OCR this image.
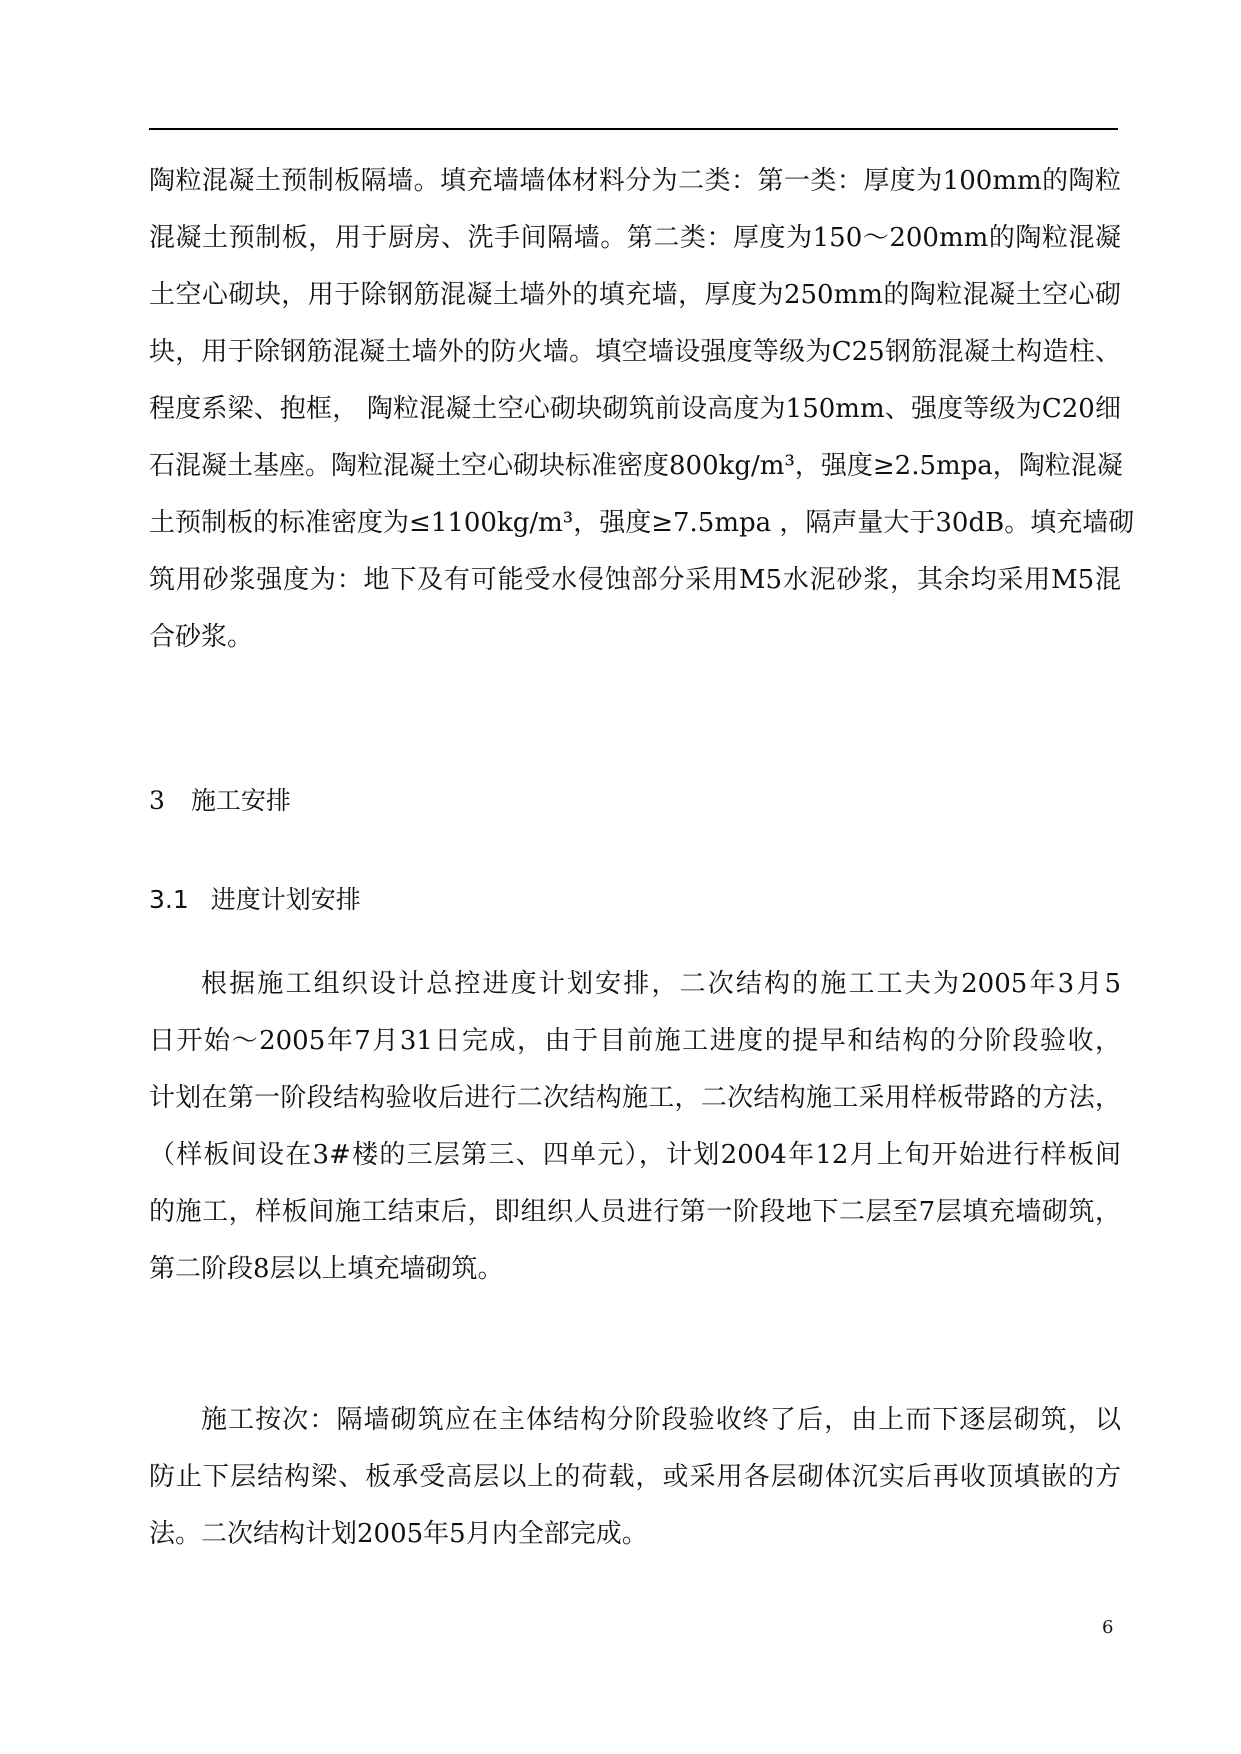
陶粒混凝土预制板隔墙。填充墙墙体材料分为二类：第一类：厚度为100mm的陶粒
混凝土预制板，用于厨房、洗手间隔墙。第二类：厚度为150～200mm的陶粒混凝
土空心砌块，用于除钢筋混凝土墙外的填充墙，厚度为250mm的陶粒混凝土空心砌
块，用于除钢筋混凝土墙外的防火墙。填空墙设强度等级为C25钢筋混凝土构造柱、
程度系梁、抱框， 陶粒混凝土空心砌块砌筑前设高度为150mm、强度等级为C20细
石混凝土基座。陶粒混凝土空心砌块标准密度800kg/m³，强度≥2.5mpa，陶粒混凝
土预制板的标准密度为≤1100kg/m³，强度≥7.5mpa ，隔声量大于30dB。填充墙砌
筑用砂浆强度为：地下及有可能受水侵蚀部分采用M5水泥砂浆，其余均采用M5混
合砂浆。
3 施工安排
3.1 进度计划安排
根据施工组织设计总控进度计划安排，二次结构的施工工夫为2005年3月5
日开始～2005年7月31日完成，由于目前施工进度的提早和结构的分阶段验收，
计划在第一阶段结构验收后进行二次结构施工，二次结构施工采用样板带路的方法，
（样板间设在3#楼的三层第三、四单元），计划2004年12月上旬开始进行样板间
的施工，样板间施工结束后，即组织人员进行第一阶段地下二层至7层填充墙砌筑，
第二阶段8层以上填充墙砌筑。
施工按次：隔墙砌筑应在主体结构分阶段验收终了后，由上而下逐层砌筑，以
防止下层结构梁、板承受高层以上的荷载，或采用各层砌体沉实后再收顶填嵌的方
法。二次结构计划2005年5月内全部完成。
6
